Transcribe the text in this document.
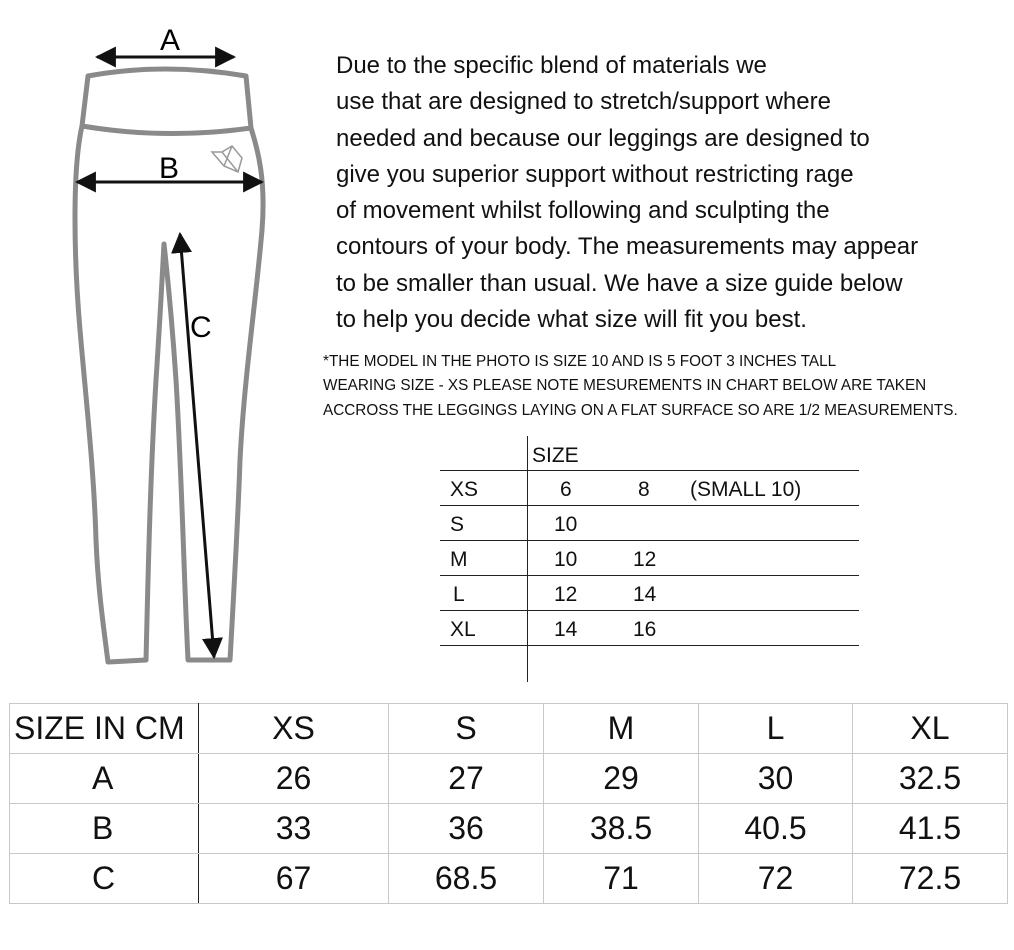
A
B
C

Due to the specific blend of materials we
use that are designed to stretch/support where
needed and because our leggings are designed to
give you superior support without restricting rage
of movement whilst following and sculpting the
contours of your body. The measurements may appear
to be smaller than usual. We have a size guide below
to help you decide what size will fit you best.

*THE MODEL IN THE PHOTO IS SIZE 10 AND IS 5 FOOT 3 INCHES TALL
WEARING SIZE - XS PLEASE NOTE MESUREMENTS IN CHART BELOW ARE TAKEN
ACCROSS THE LEGGINGS LAYING ON A FLAT SURFACE SO ARE 1/2 MEASUREMENTS.

SIZE
XS	6	8 (SMALL 10)
S	10
M	10	12
L	12	14
XL	14	16
SIZE IN CM	XS	S	M	L	XL
A	26	27	29	30	32.5
B	33	36	38.5	40.5	41.5
C	67	68.5	71	72	72.5
